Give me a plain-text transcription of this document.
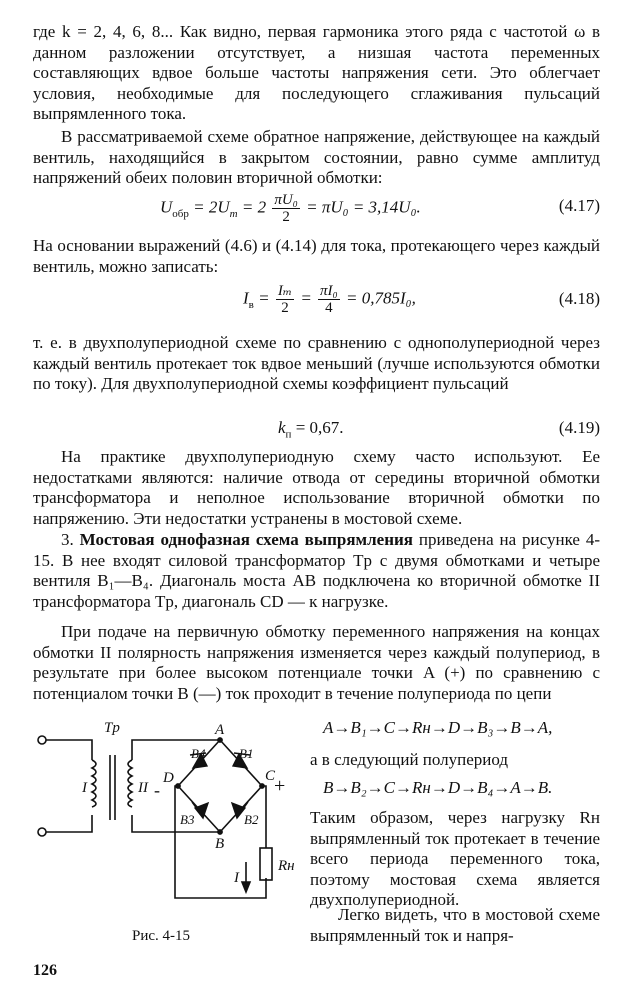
где k = 2, 4, 6, 8... Как видно, первая гармоника этого ряда с частотой ω в данном разложении отсутствует, а низшая частота переменных составляющих вдвое больше частоты напряжения сети. Это облегчает условия, необходимые для последующего сглаживания пульсаций выпрямленного тока.

В рассматриваемой схеме обратное напряжение, действующее на каждый вентиль, находящийся в закрытом состоянии, равно сумме амплитуд напряжений обеих половин вторичной обмотки:

$U_{обр} = 2U_m = 2 \frac{\text{πU₀}}{2} = \pi U_0 = 3,14U_0$.	(4.17)

На основании выражений (4.6) и (4.14) для тока, протекающего через каждый вентиль, можно записать:

$I_в = \frac{\text{Iₘ}}{2} = \frac{\text{πI₀}}{4} = 0,785I_0$,	(4.18)

т. е. в двухполупериодной схеме по сравнению с однополупериодной через каждый вентиль протекает ток вдвое меньший (лучше используются обмотки по току). Для двухполупериодной схемы коэффициент пульсаций

$k_п = 0,67$.	(4.19)

На практике двухполупериодную схему часто используют. Ее недостатками являются: наличие отвода от середины вторичной обмотки трансформатора и неполное использование вторичной обмотки по напряжению. Эти недостатки устранены в мостовой схеме.

3. Мостовая однофазная схема выпрямления приведена на рисунке 4-15. В нее входят силовой трансформатор Tp с двумя обмотками и четыре вентиля B₁—B₄. Диагональ моста AB подключена ко вторичной обмотке II трансформатора Tp, диагональ CD — к нагрузке.

При подаче на первичную обмотку переменного напряжения на концах обмотки II полярность напряжения изменяется через каждый полупериод, в результате при более высоком потенциале точки A (+) по сравнению с потенциалом точки B (—) ток проходит в течение полупериода по цепи

Tp
I	II
A
B
C
D
B4	B1
B3	B2
-	+
I
Rн
A→B₁→C→Rн→D→B₃→B→A,
а в следующий полупериод
B→B₂→C→Rн→D→B₄→A→B.

Таким образом, через нагрузку Rн выпрямленный ток протекает в течение всего периода переменного тока, поэтому мостовая схема является двухполупериодной.

Легко видеть, что в мостовой схеме выпрямленный ток и напря-

Рис. 4-15
126
